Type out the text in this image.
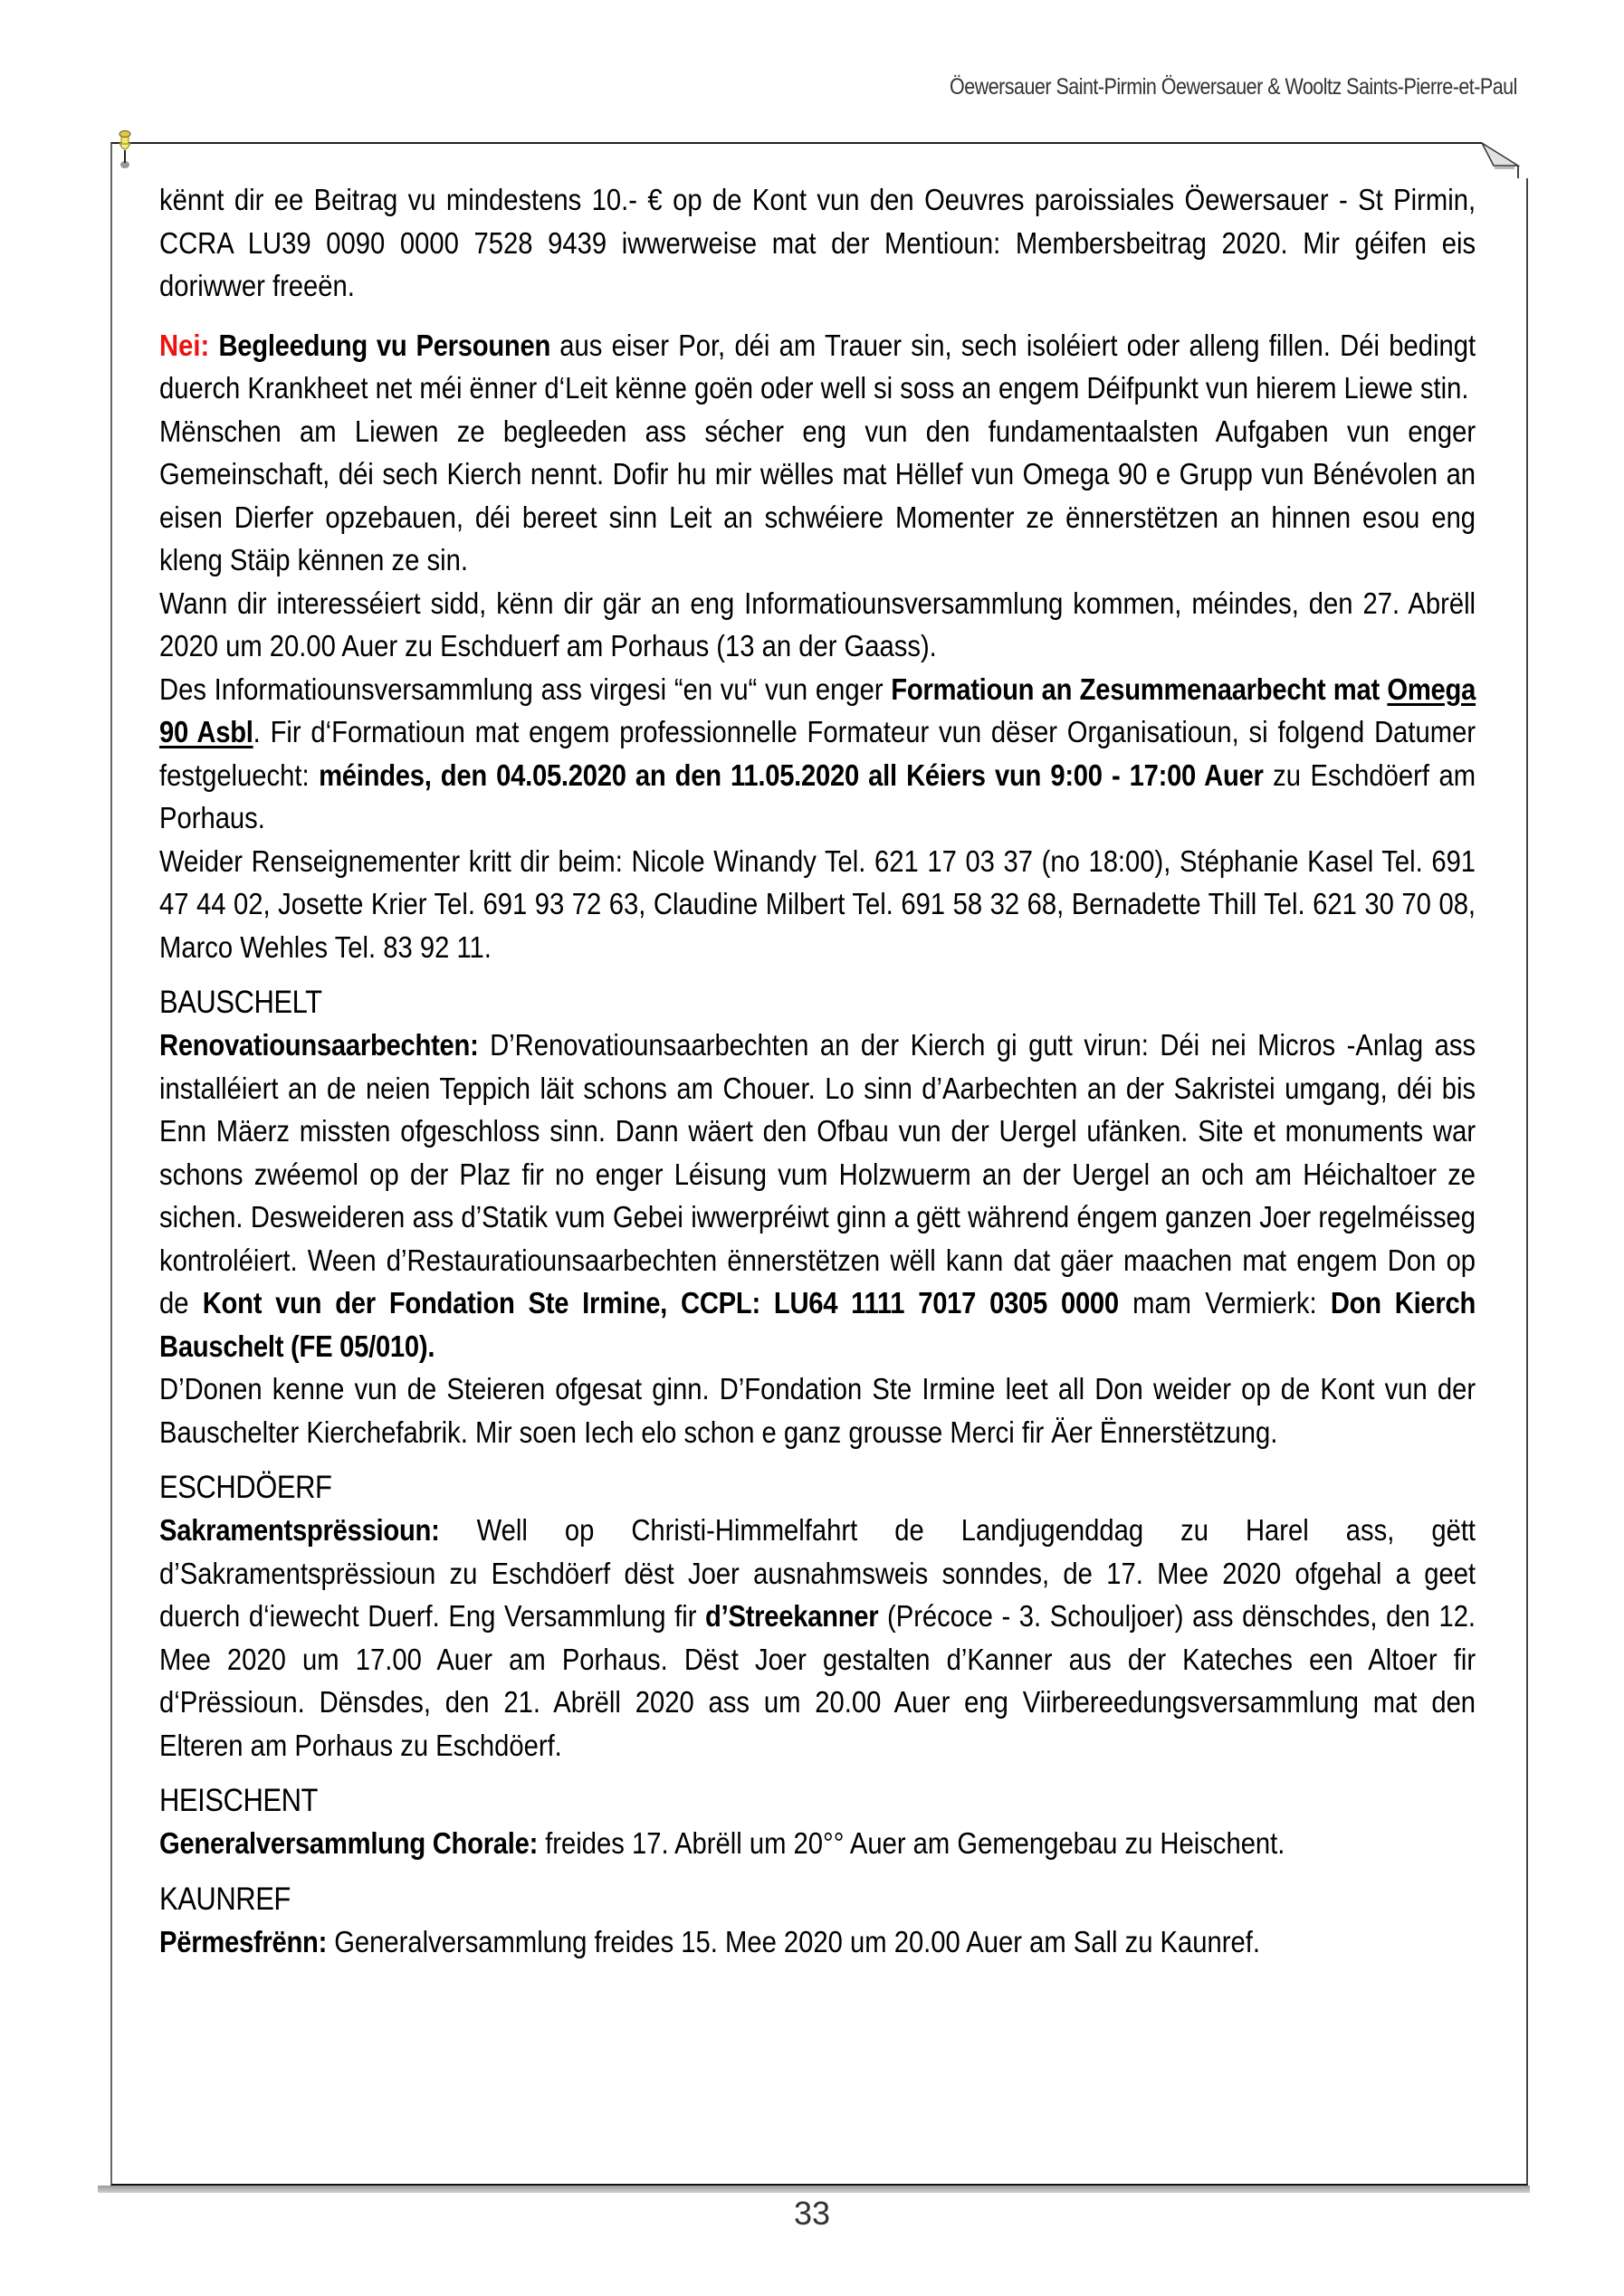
Öewersauer Saint-Pirmin Öewersauer & Wooltz Saints-Pierre-et-Paul

kënnt dir ee Beitrag vu mindestens 10.- € op de Kont vun den Oeuvres paroissiales Öewersauer - St Pirmin, CCRA LU39 0090 0000 7528 9439 iwwerweise mat der Mentioun: Membersbeitrag 2020. Mir géifen eis doriwwer freeën.

Nei: Begleedung vu Persounen aus eiser Por, déi am Trauer sin, sech isoléiert oder alleng fillen. Déi bedingt duerch Krankheet net méi ënner d‘Leit kënne goën oder well si soss an engem Déifpunkt vun hierem Liewe stin.

Mënschen am Liewen ze begleeden ass sécher eng vun den fundamentaalsten Aufgaben vun enger Gemeinschaft, déi sech Kierch nennt. Dofir hu mir wëlles mat Hëllef vun Omega 90 e Grupp vun Bénévolen an eisen Dierfer opzebauen, déi bereet sinn Leit an schwéiere Momenter ze ënnerstëtzen an hinnen esou eng kleng Stäip kënnen ze sin.

Wann dir interesséiert sidd, kënn dir gär an eng Informatiounsversammlung kommen, méindes, den 27. Abrëll 2020 um 20.00 Auer zu Eschduerf am Porhaus (13 an der Gaass).

Des Informatiounsversammlung ass virgesi “en vu“ vun enger Formatioun an Zesummenaarbecht mat Omega 90 Asbl. Fir d‘Formatioun mat engem professionnelle Formateur vun dëser Organisatioun, si folgend Datumer festgeluecht: méindes, den 04.05.2020 an den 11.05.2020 all Kéiers vun 9:00 - 17:00 Auer zu Eschdöerf am Porhaus.

Weider Renseignementer kritt dir beim: Nicole Winandy Tel. 621 17 03 37 (no 18:00), Stéphanie Kasel Tel. 691 47 44 02, Josette Krier Tel. 691 93 72 63, Claudine Milbert Tel. 691 58 32 68, Bernadette Thill Tel. 621 30 70 08, Marco Wehles Tel. 83 92 11.

BAUSCHELT

Renovatiounsaarbechten: D’Renovatiounsaarbechten an der Kierch gi gutt virun: Déi nei Micros -Anlag ass installéiert an de neien Teppich läit schons am Chouer. Lo sinn d’Aarbechten an der Sakristei umgang, déi bis Enn Mäerz missten ofgeschloss sinn. Dann wäert den Ofbau vun der Uergel ufänken. Site et monuments war schons zwéemol op der Plaz fir no enger Léisung vum Holzwuerm an der Uergel an och am Héichaltoer ze sichen. Desweideren ass d’Statik vum Gebei iwwerpréiwt ginn a gëtt während éngem ganzen Joer regelméisseg kontroléiert. Ween d’Restauratiounsaarbechten ënnerstëtzen wëll kann dat gäer maachen mat engem Don op de Kont vun der Fondation Ste Irmine, CCPL: LU64 1111 7017 0305 0000 mam Vermierk: Don Kierch Bauschelt (FE 05/010).

D’Donen kenne vun de Steieren ofgesat ginn. D’Fondation Ste Irmine leet all Don weider op de Kont vun der Bauschelter Kierchefabrik. Mir soen Iech elo schon e ganz grousse Merci fir Äer Ënnerstëtzung.

ESCHDÖERF

Sakramentsprëssioun: Well op Christi-Himmelfahrt de Landjugenddag zu Harel ass, gëtt d’Sakramentsprëssioun zu Eschdöerf dëst Joer ausnahmsweis sonndes, de 17. Mee 2020 ofgehal a geet duerch d‘iewecht Duerf. Eng Versammlung fir d’Streekanner (Précoce - 3. Schouljoer) ass dënschdes, den 12. Mee 2020 um 17.00 Auer am Porhaus. Dëst Joer gestalten d’Kanner aus der Kateches een Altoer fir d‘Prëssioun. Dënsdes, den 21. Abrëll 2020 ass um 20.00 Auer eng Viirbereedungsversammlung mat den Elteren am Porhaus zu Eschdöerf.

HEISCHENT

Generalversammlung Chorale: freides 17. Abrëll um 20°° Auer am Gemengebau zu Heischent.

KAUNREF

Përmesfrënn: Generalversammlung freides 15. Mee 2020 um 20.00 Auer am Sall zu Kaunref.

33
